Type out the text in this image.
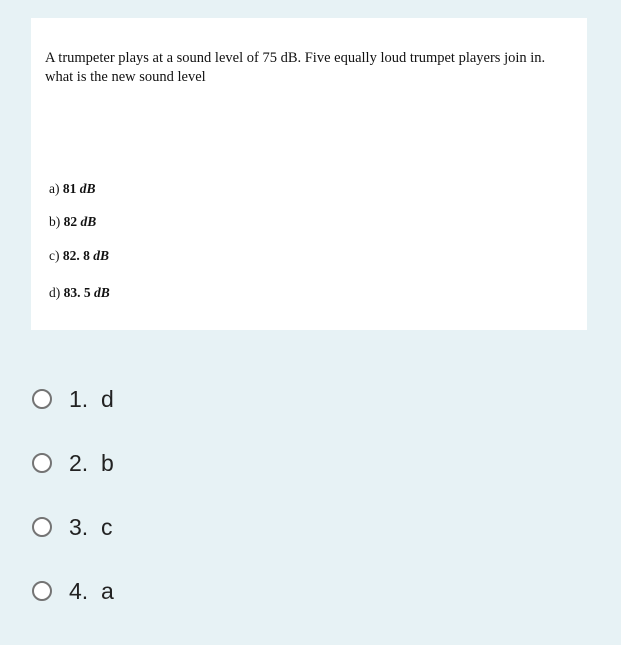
A trumpeter plays at a sound level of 75 dB. Five equally loud trumpet players join in. what is the new sound level
a) 81 dB
b) 82 dB
c) 82. 8 dB
d) 83. 5 dB
1.  d
2.  b
3.  c
4.  a
